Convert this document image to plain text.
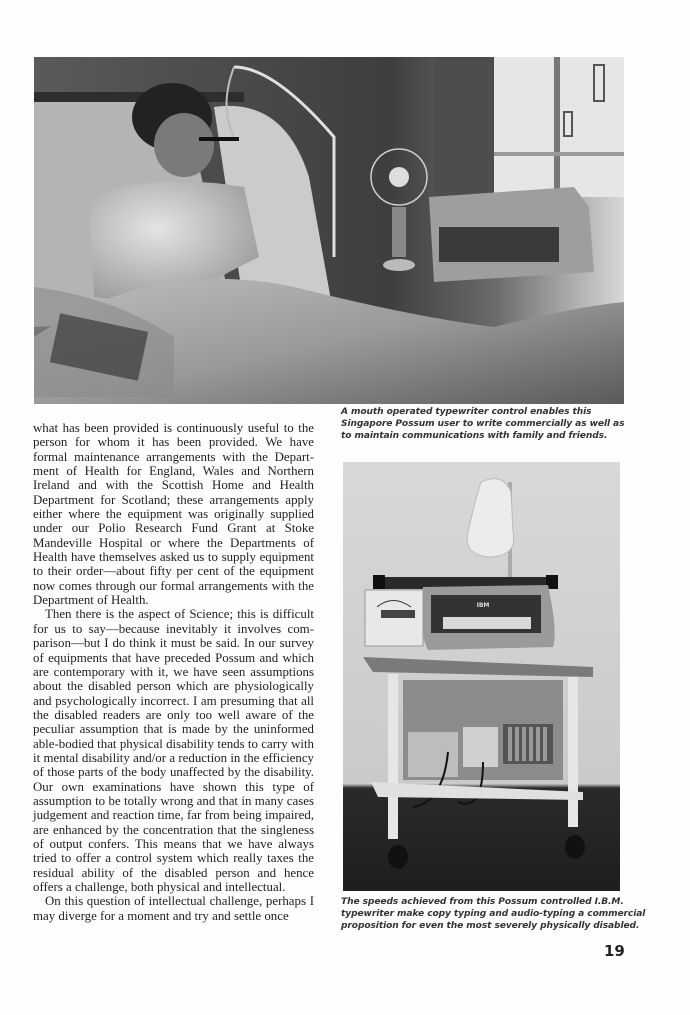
A mouth operated typewriter control enables this
Singapore Possum user to write commercially as well as
to maintain communications with family and friends.

what has been provided is continuously useful to the person for whom it has been provided. We have formal maintenance arrangements with the Department of Health for England, Wales and Northern Ireland and with the Scottish Home and Health Department for Scotland; these arrangements apply either where the equipment was originally supplied under our Polio Research Fund Grant at Stoke Mandeville Hospital or where the Departments of Health have themselves asked us to supply equipment to their order—about fifty per cent of the equipment now comes through our formal arrangements with the Department of Health.

Then there is the aspect of Science; this is difficult for us to say—because inevitably it involves comparison—but I do think it must be said. In our survey of equipments that have preceded Possum and which are contemporary with it, we have seen assumptions about the disabled person which are physiologically and psychologically incorrect. I am presuming that all the disabled readers are only too well aware of the peculiar assumption that is made by the uninformed able-bodied that physical disability tends to carry with it mental disability and/or a reduction in the efficiency of those parts of the body unaffected by the disability. Our own examinations have shown this type of assumption to be totally wrong and that in many cases judgement and reaction time, far from being impaired, are enhanced by the concentration that the singleness of output confers. This means that we have always tried to offer a control system which really taxes the residual ability of the disabled person and hence offers a challenge, both physical and intellectual.

On this question of intellectual challenge, perhaps I may diverge for a moment and try and settle once

IBM
The speeds achieved from this Possum controlled I.B.M.
typewriter make copy typing and audio-typing a commercial
proposition for even the most severely physically disabled.
19
